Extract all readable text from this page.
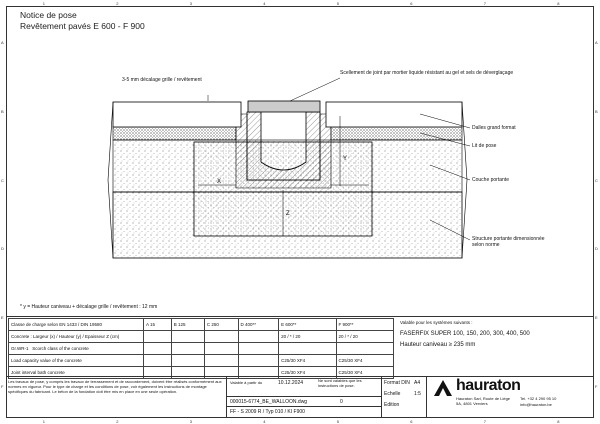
1
1
2
2
3
3
4
4
5
5
6
6
7
7
8
8
A	A
B	B
C	C
D	D
E	E
F	F
Notice de pose
Revêtement pavés E 600 - F 900
X
Z
Y
3-5 mm décalage grille / revêtement
Scellement de joint par mortier liquide résistant au gel et sels de déverglaçage
Dalles grand format
Lit de pose
Couche portante
Structure portante dimensionnée selon norme
* y = Hauteur caniveau + décalage grille / revêtement : 12 mm
Classe de charge selon EN 1433 / DIN 19580	A 15	B 125	C 250	D 400**	E 600**	F 900**
Concrete : Largeur (x) / Hauteur (y) / Epaisseur Z (cm)					20 / * / 20	20 / * / 20
Gr.WR-1 Scorch class of the concrete						
Load capacity value of the concrete					C25/30 XF4	C25/30 XF4
Joint interval bath concrete					C25/30 XF4	C25/30 XF4
Valable pour les systèmes suivants :
FASERFIX SUPER 100, 150, 200, 300, 400, 500
Hauteur caniveau ≥ 235 mm
Les travaux de pose, y compris les travaux de terrassement et de raccordement, doivent être réalisés conformément aux normes en vigueur. Pour le type de charge et les conditions de pose, voir également les instructions de montage spécifiques du fabricant. Le béton de la fondation doit être mis en place en une seule opération.
Valable à partir du	10.12.2024	Ne sont valables que les instructions de pose.
000015-6774_BE_WALLOON.dwg	0
FF - S 2009 R / Typ 010 / KI F900
Format DIN A4
Echelle	1:5
Edition
hauraton
Hauraton Sarl, Route de Liège 5A, 4801 Verviers
Tel. +32 4 290 95 10
info@hauraton.be
